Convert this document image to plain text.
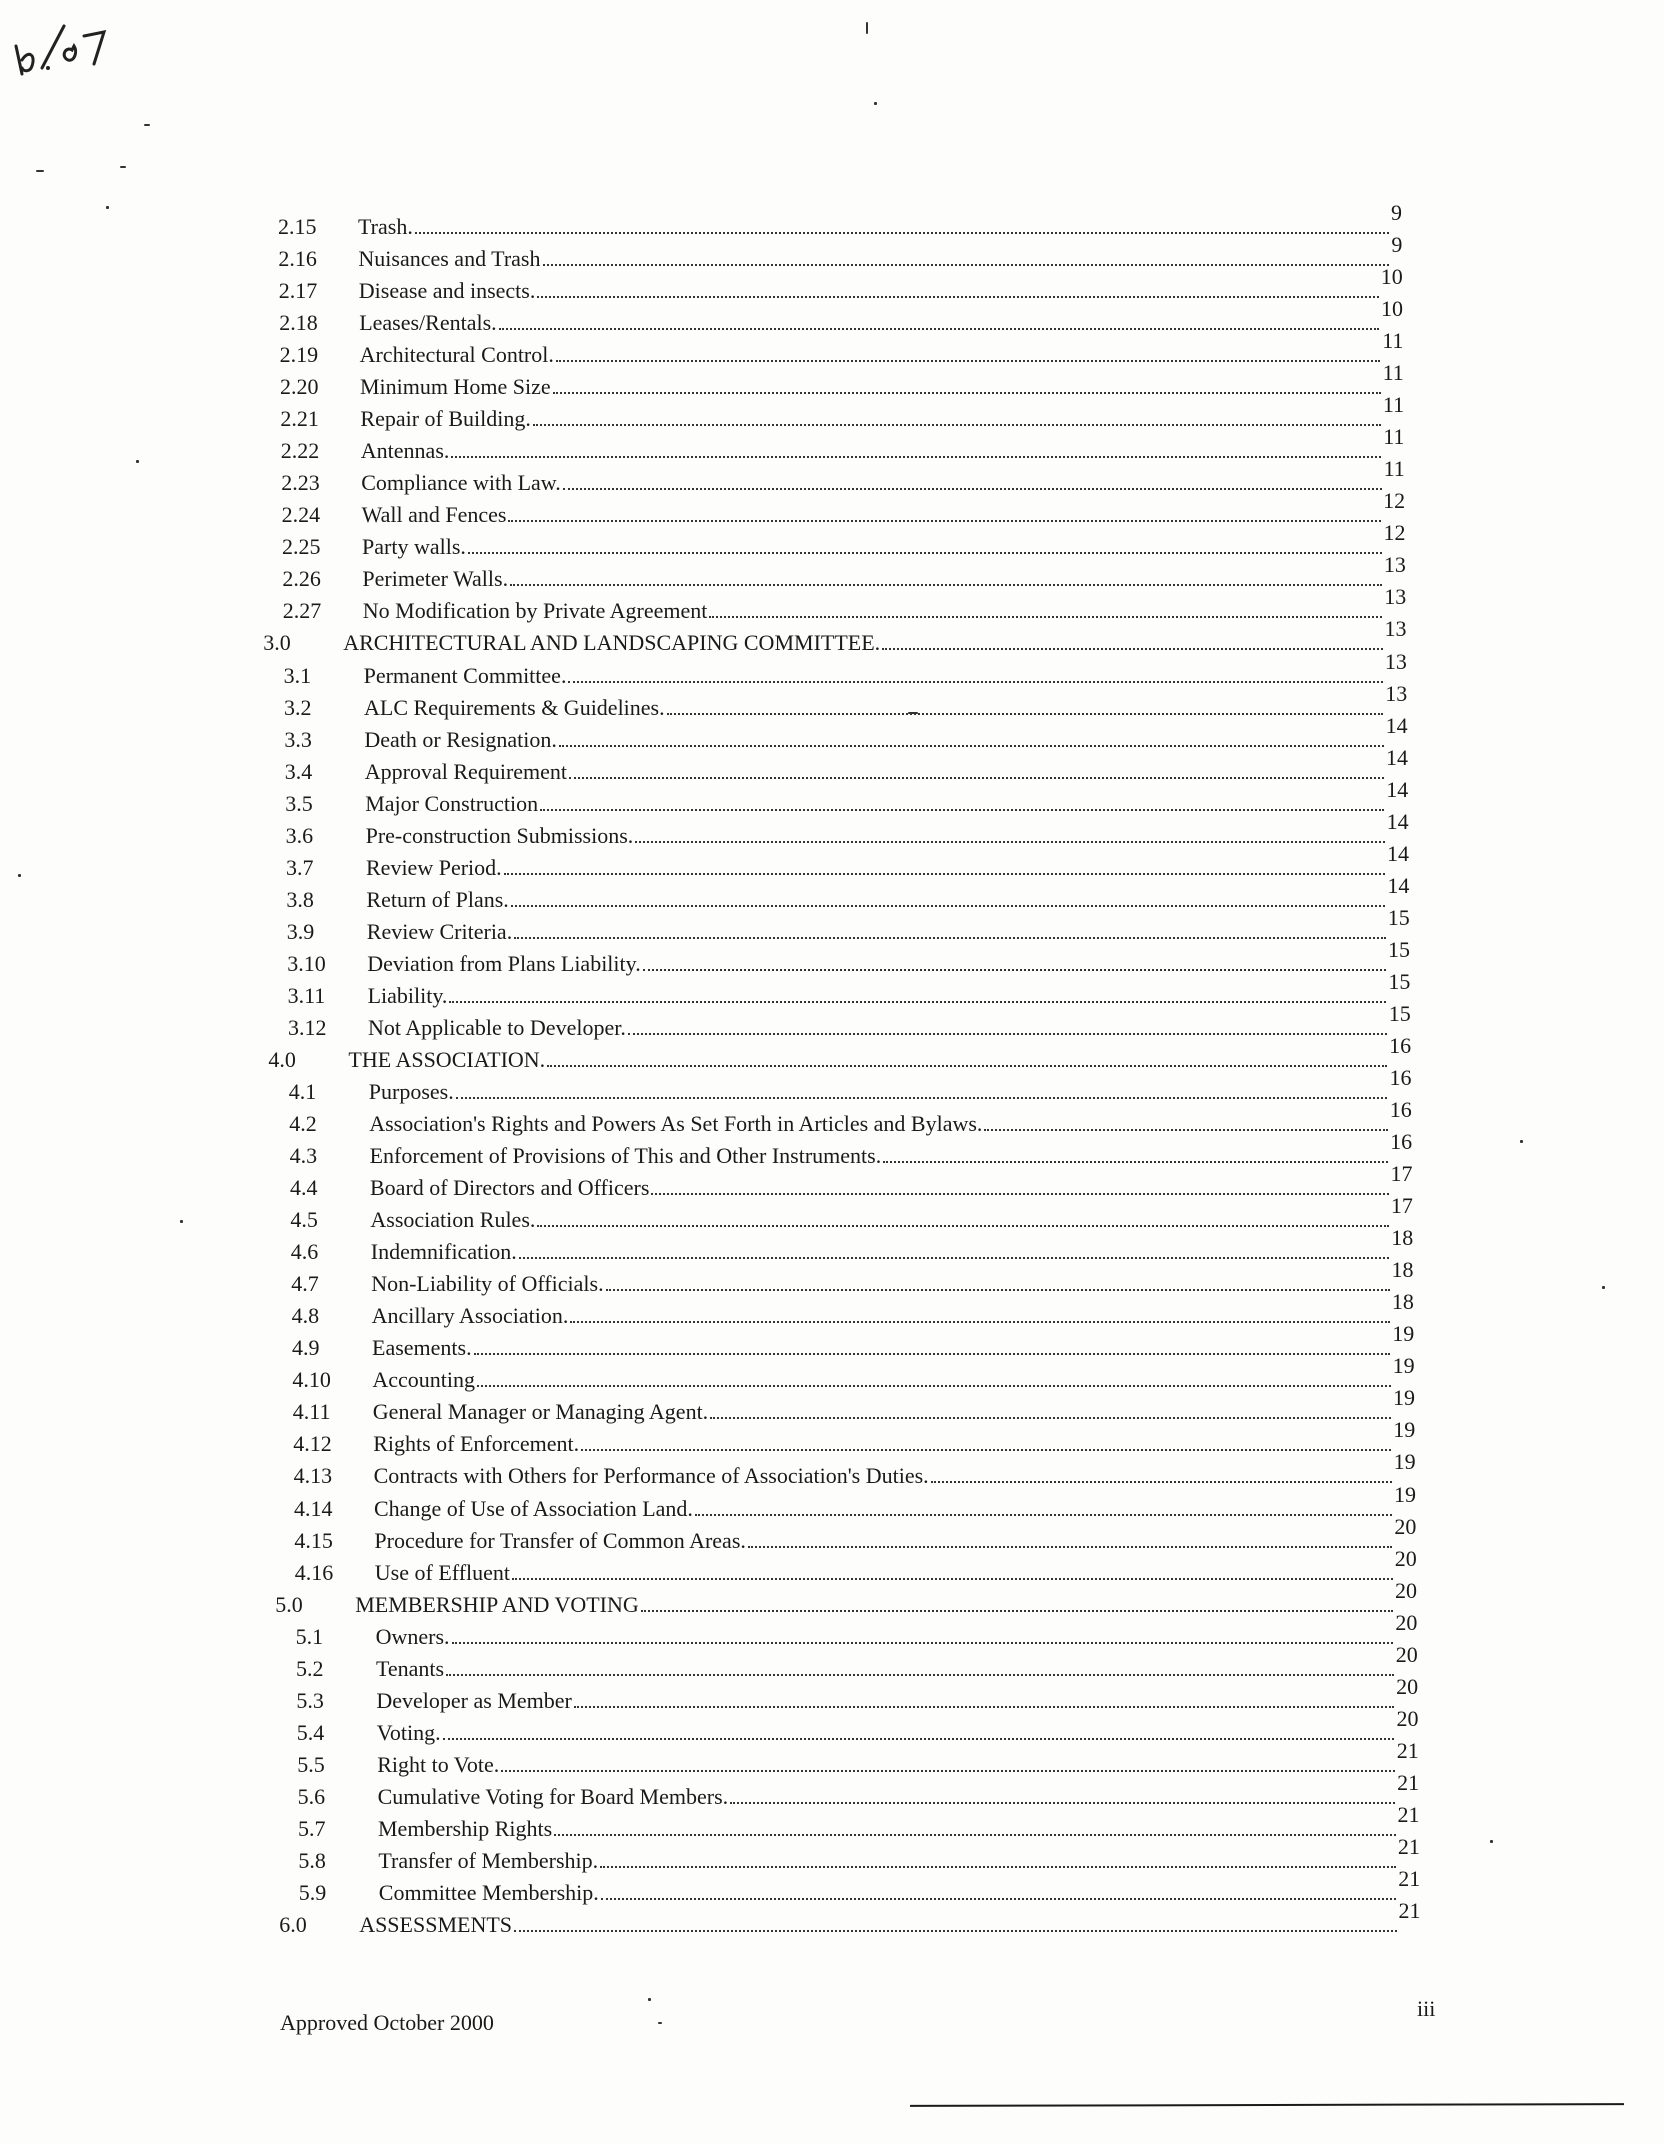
2.15 Trash.
9
2.16 Nuisances and Trash
9
2.17 Disease and insects.
10
2.18 Leases/Rentals.
10
2.19 Architectural Control.
11
2.20 Minimum Home Size
11
2.21 Repair of Building.
11
2.22 Antennas.
11
2.23 Compliance with Law.
11
2.24 Wall and Fences
12
2.25 Party walls.
12
2.26 Perimeter Walls.
13
2.27 No Modification by Private Agreement
13
3.0 ARCHITECTURAL AND LANDSCAPING COMMITTEE.
13
3.1 Permanent Committee.
13
3.2 ALC Requirements & Guidelines.
13
3.3 Death or Resignation.
14
3.4 Approval Requirement
14
3.5 Major Construction
14
3.6 Pre-construction Submissions.
14
3.7 Review Period.
14
3.8 Return of Plans.
14
3.9 Review Criteria.
15
3.10 Deviation from Plans Liability.
15
3.11 Liability.
15
3.12 Not Applicable to Developer.
15
4.0 THE ASSOCIATION.
16
4.1 Purposes.
16
4.2 Association's Rights and Powers As Set Forth in Articles and Bylaws.
16
4.3 Enforcement of Provisions of This and Other Instruments.
16
4.4 Board of Directors and Officers
17
4.5 Association Rules.
17
4.6 Indemnification.
18
4.7 Non-Liability of Officials.
18
4.8 Ancillary Association.
18
4.9 Easements.
19
4.10 Accounting
19
4.11 General Manager or Managing Agent.
19
4.12 Rights of Enforcement.
19
4.13 Contracts with Others for Performance of Association's Duties.
19
4.14 Change of Use of Association Land.
19
4.15 Procedure for Transfer of Common Areas.
20
4.16 Use of Effluent
20
5.0 MEMBERSHIP AND VOTING
20
5.1 Owners.
20
5.2 Tenants
20
5.3 Developer as Member
20
5.4 Voting.
20
5.5 Right to Vote.
21
5.6 Cumulative Voting for Board Members.
21
5.7 Membership Rights
21
5.8 Transfer of Membership.
21
5.9 Committee Membership.
21
6.0 ASSESSMENTS
21
Approved October 2000
iii
